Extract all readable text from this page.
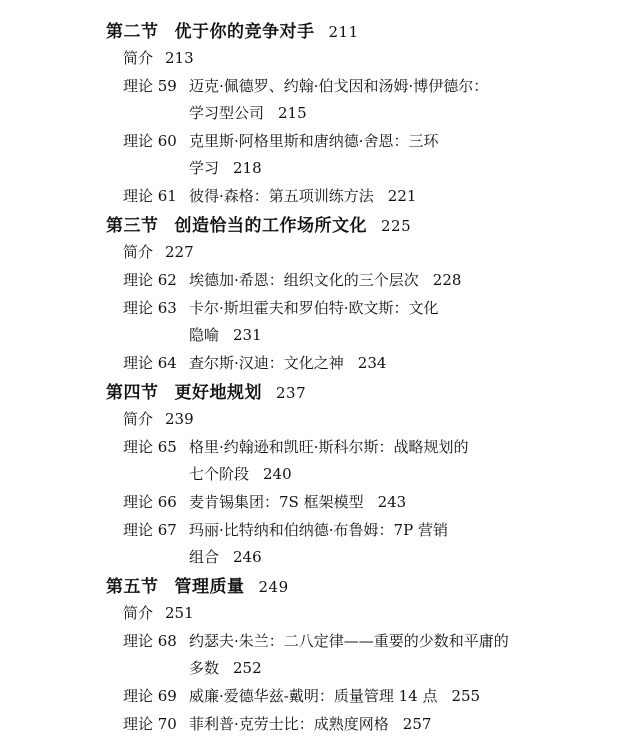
第二节 优于你的竞争对手 211
简介 213
理论 59 迈克·佩德罗、约翰·伯戈因和汤姆·博伊德尔：
学习型公司 215
理论 60 克里斯·阿格里斯和唐纳德·舍恩：三环
学习 218
理论 61 彼得·森格：第五项训练方法 221
第三节 创造恰当的工作场所文化 225
简介 227
理论 62 埃德加·希恩：组织文化的三个层次 228
理论 63 卡尔·斯坦霍夫和罗伯特·欧文斯：文化
隐喻 231
理论 64 查尔斯·汉迪：文化之神 234
第四节 更好地规划 237
简介 239
理论 65 格里·约翰逊和凯旺·斯科尔斯：战略规划的
七个阶段 240
理论 66 麦肯锡集团：7S 框架模型 243
理论 67 玛丽·比特纳和伯纳德·布鲁姆：7P 营销
组合 246
第五节 管理质量 249
简介 251
理论 68 约瑟夫·朱兰：二八定律——重要的少数和平庸的
多数 252
理论 69 威廉·爱德华兹-戴明：质量管理 14 点 255
理论 70 菲利普·克劳士比：成熟度网格 257
